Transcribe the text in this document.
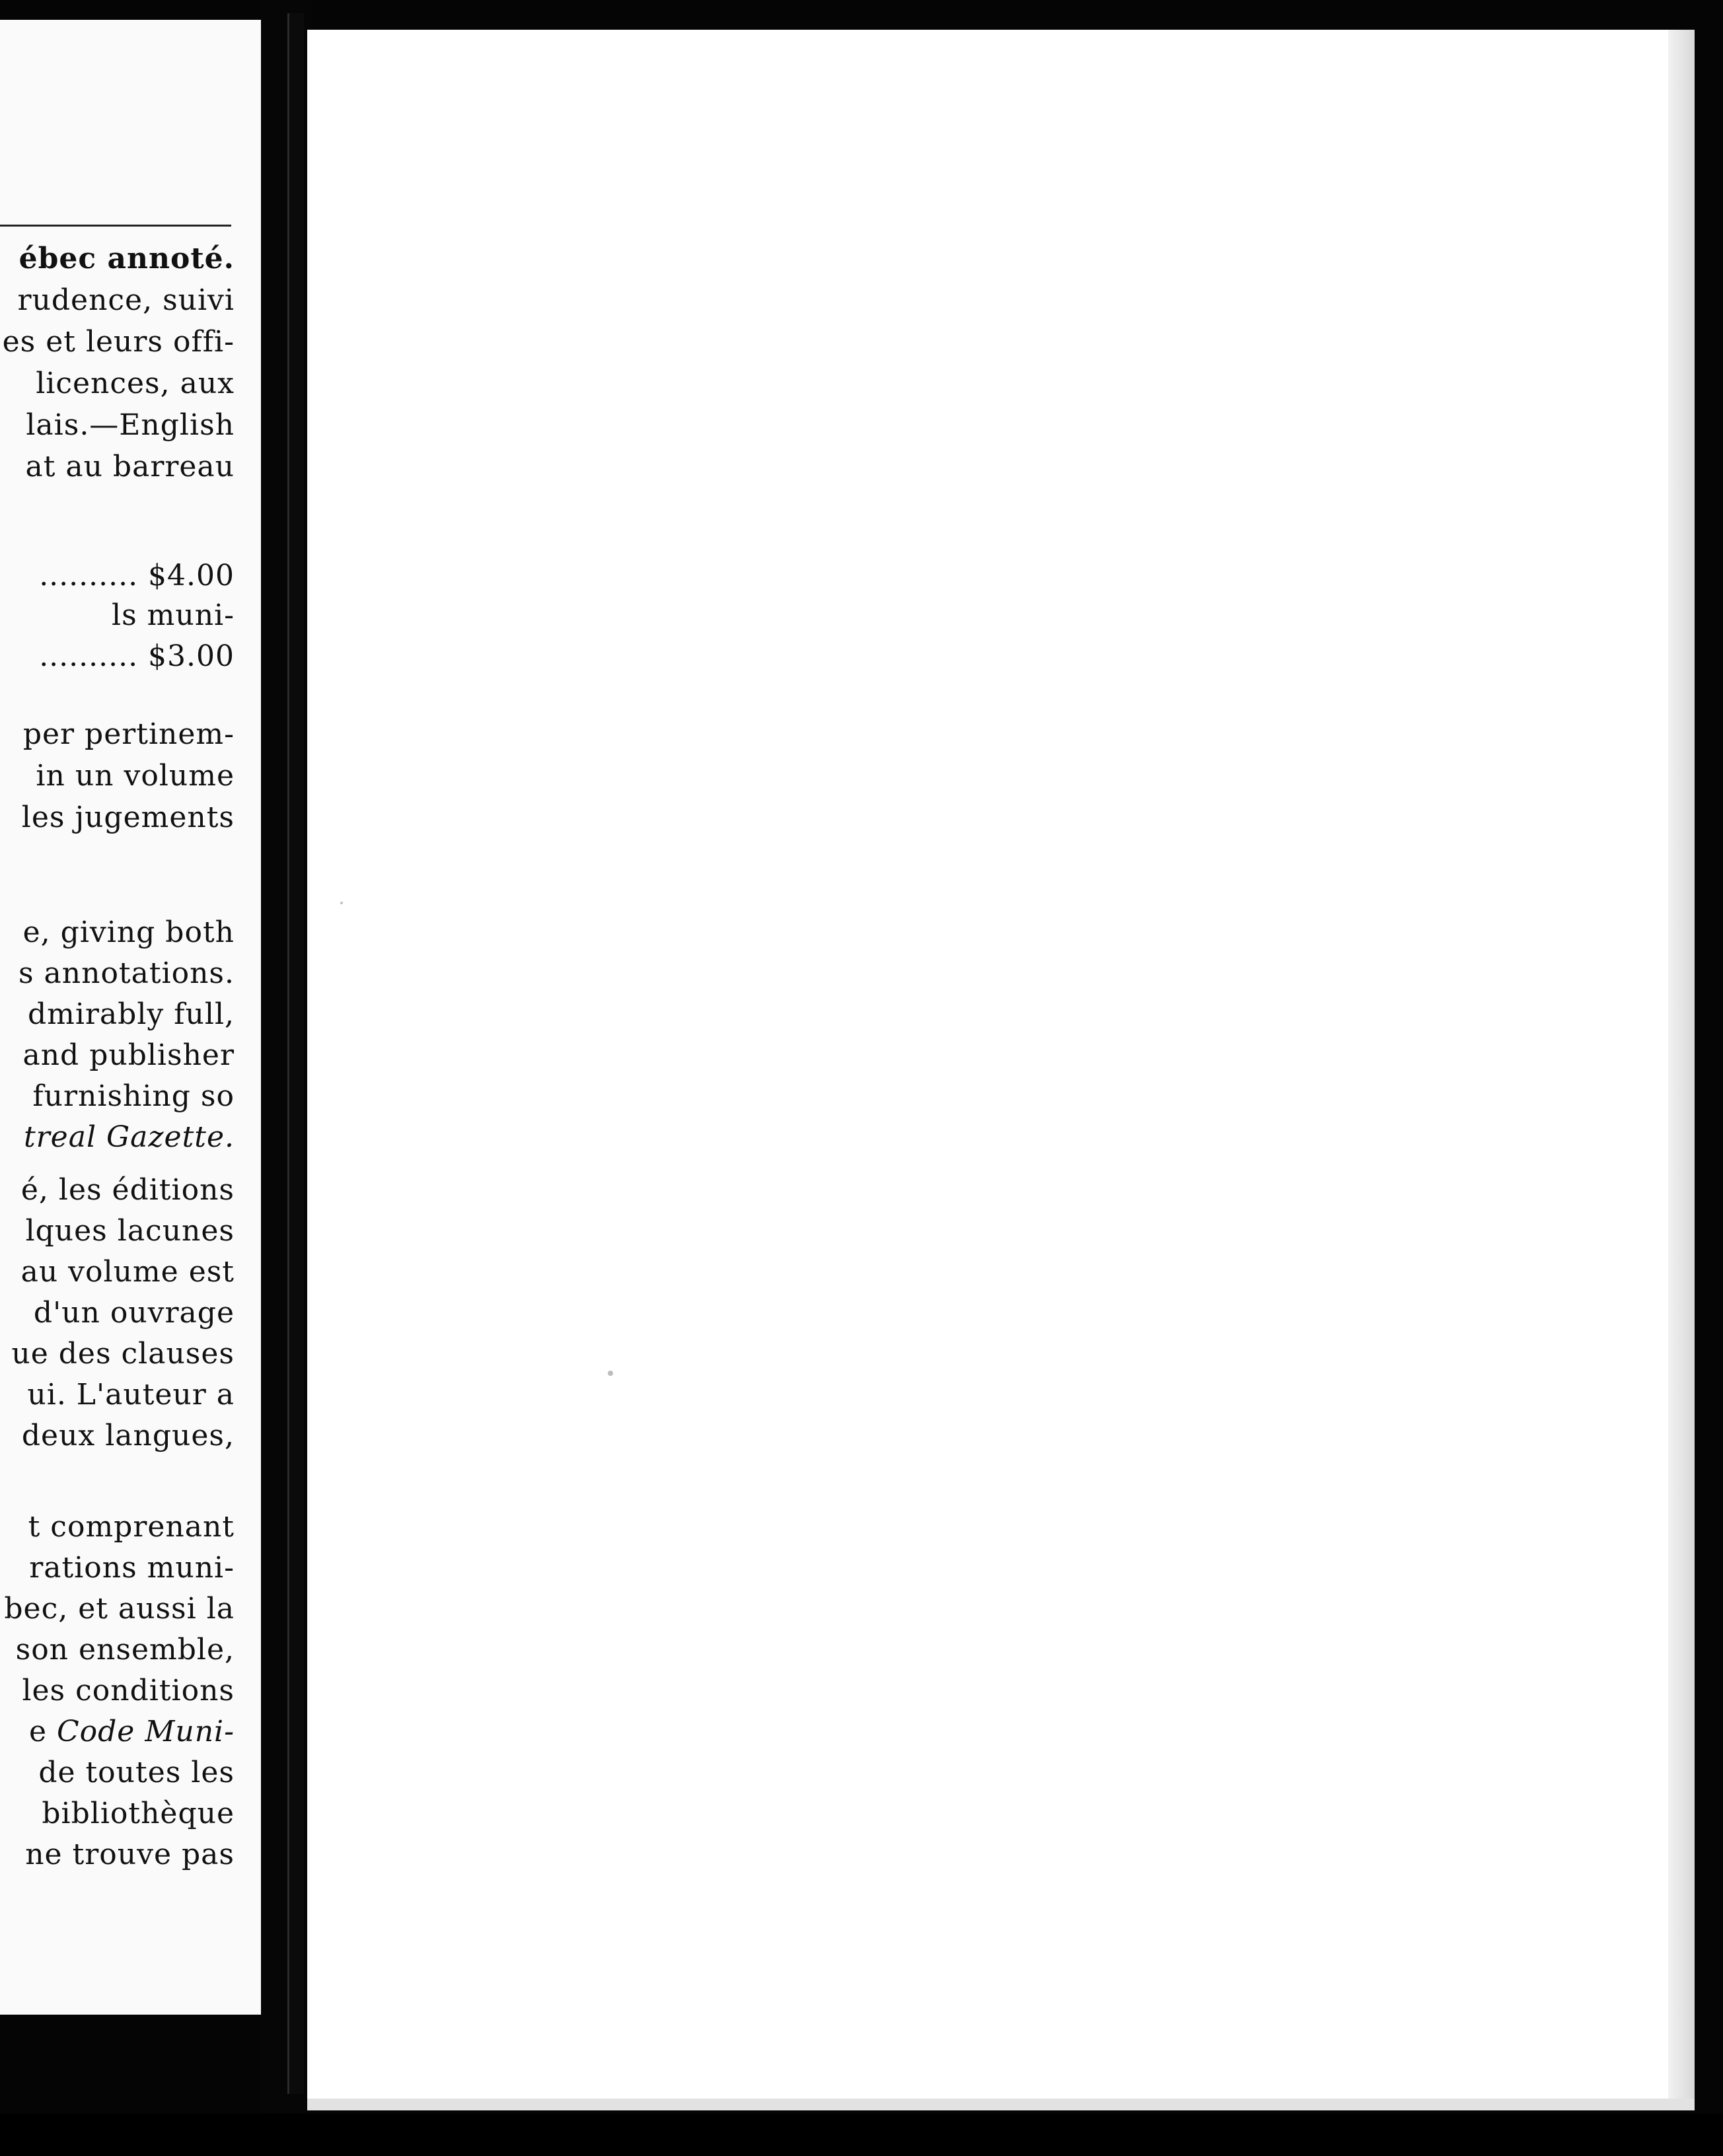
ébec annoté.

rudence, suivi

es et leurs offi-

licences, aux

lais.—English

at au barreau

.......... $4.00

ls muni-

.......... $3.00

per pertinem-

in un volume

les jugements

e, giving both

s annotations.

dmirably full,

and publisher

furnishing so

treal Gazette.

é, les éditions

lques lacunes

au volume est

d'un ouvrage

ue des clauses

ui. L'auteur a

deux langues,

t comprenant

rations muni-

bec, et aussi la

son ensemble,

les conditions

e Code Muni-

de toutes les

bibliothèque

ne trouve pas
